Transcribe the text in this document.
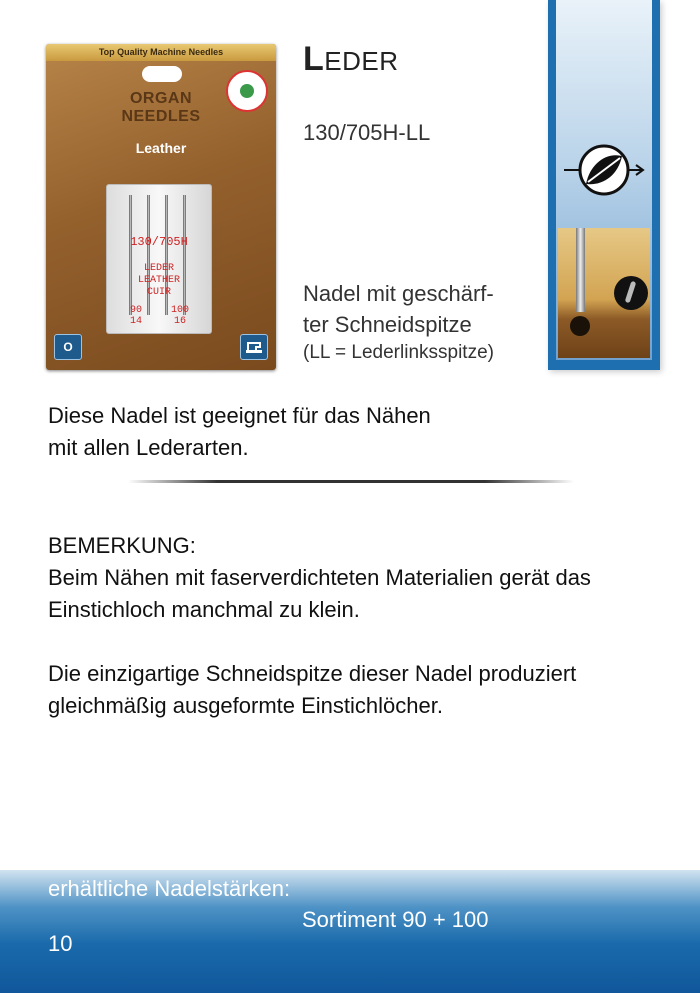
Top Quality Machine Needles
ORGAN
NEEDLES
Leather
130/705H
LEDER
LEATHER
CUIR
90	100
14	16
O
LEDER
130/705H-LL
Nadel mit geschärf-
ter Schneidspitze
(LL = Lederlinksspitze)
Diese Nadel ist geeignet für das Nähen
mit allen Lederarten.
BEMERKUNG:

Beim Nähen mit faserverdichteten Materialien gerät das
Einstichloch manchmal zu klein.

Die einzigartige Schneidspitze dieser Nadel produziert
gleichmäßig ausgeformte Einstichlöcher.

erhältliche Nadelstärken:
Sortiment 90 + 100
10
